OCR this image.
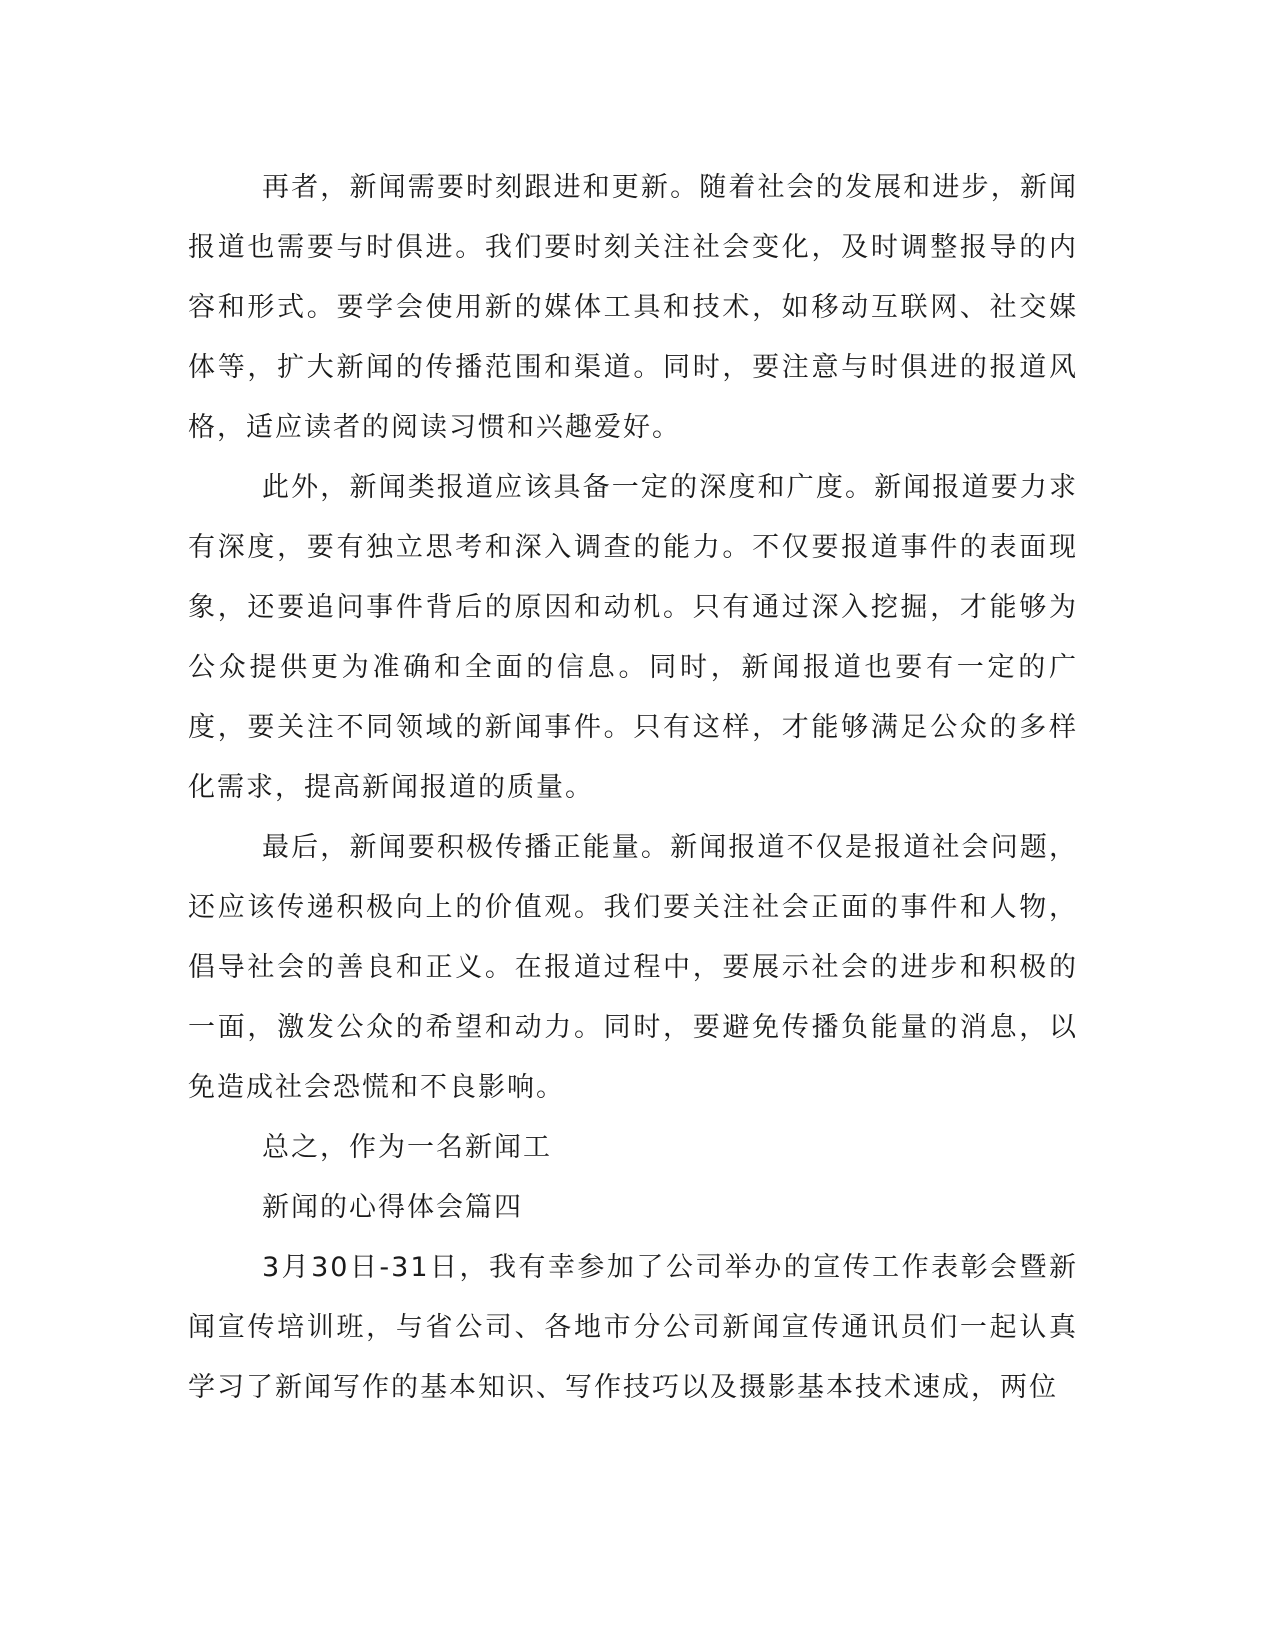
再者，新闻需要时刻跟进和更新。随着社会的发展和进步，新闻报道也需要与时俱进。我们要时刻关注社会变化，及时调整报导的内容和形式。要学会使用新的媒体工具和技术，如移动互联网、社交媒体等，扩大新闻的传播范围和渠道。同时，要注意与时俱进的报道风格，适应读者的阅读习惯和兴趣爱好。

此外，新闻类报道应该具备一定的深度和广度。新闻报道要力求有深度，要有独立思考和深入调查的能力。不仅要报道事件的表面现象，还要追问事件背后的原因和动机。只有通过深入挖掘，才能够为公众提供更为准确和全面的信息。同时，新闻报道也要有一定的广度，要关注不同领域的新闻事件。只有这样，才能够满足公众的多样化需求，提高新闻报道的质量。

最后，新闻要积极传播正能量。新闻报道不仅是报道社会问题，还应该传递积极向上的价值观。我们要关注社会正面的事件和人物，倡导社会的善良和正义。在报道过程中，要展示社会的进步和积极的一面，激发公众的希望和动力。同时，要避免传播负能量的消息，以免造成社会恐慌和不良影响。

总之，作为一名新闻工

新闻的心得体会篇四

3月30日-31日，我有幸参加了公司举办的宣传工作表彰会暨新闻宣传培训班，与省公司、各地市分公司新闻宣传通讯员们一起认真学习了新闻写作的基本知识、写作技巧以及摄影基本技术速成，两位
